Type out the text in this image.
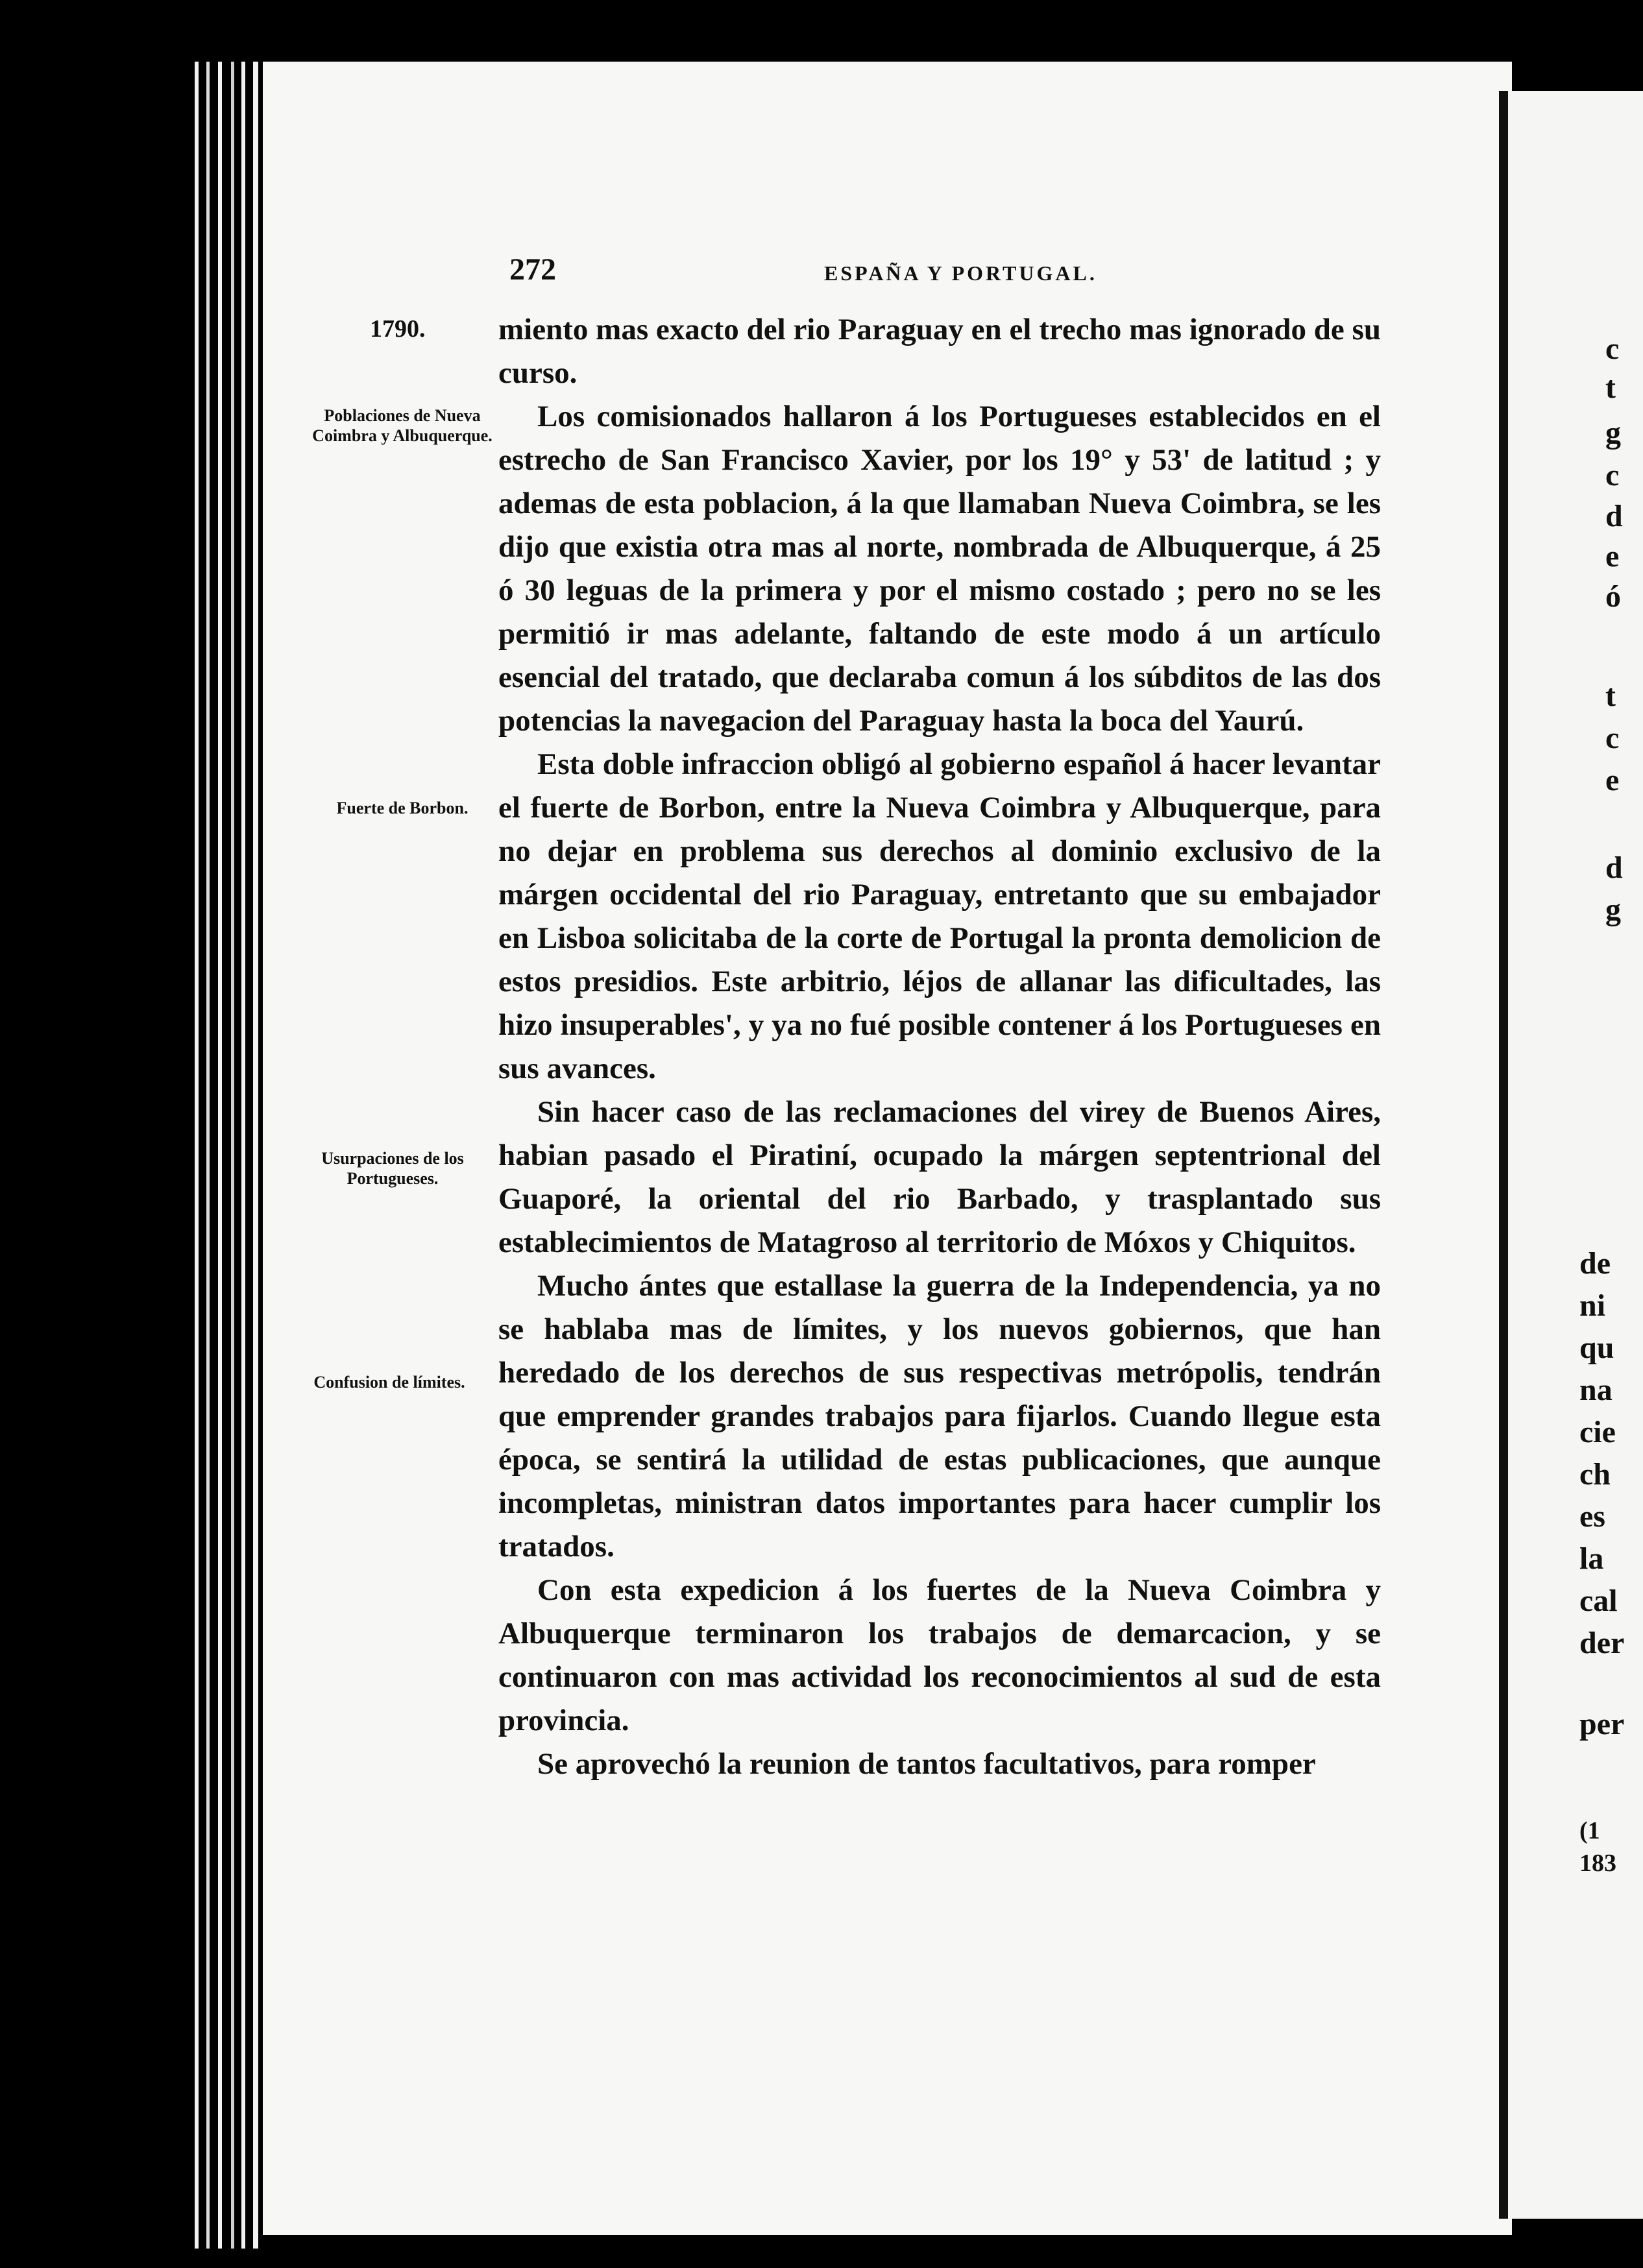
c
t
g
c
d
e
ó
t
c
e
d
g
de
ni
qu
na
cie
ch
es
la
cal
der
per
(1
183
272	ESPAÑA Y PORTUGAL.
1790.
Poblaciones de Nueva Coimbra y Albuquerque.
Fuerte de Borbon.
Usurpaciones de los Portugueses.
Confusion de límites.

miento mas exacto del rio Paraguay en el trecho mas ignorado de su curso.

Los comisionados hallaron á los Portugueses establecidos en el estrecho de San Francisco Xavier, por los 19° y 53' de latitud ; y ademas de esta poblacion, á la que llamaban Nueva Coimbra, se les dijo que existia otra mas al norte, nombrada de Albuquerque, á 25 ó 30 leguas de la primera y por el mismo costado ; pero no se les permitió ir mas adelante, faltando de este modo á un artículo esencial del tratado, que declaraba comun á los súbditos de las dos potencias la navegacion del Paraguay hasta la boca del Yaurú.

Esta doble infraccion obligó al gobierno español á hacer levantar el fuerte de Borbon, entre la Nueva Coimbra y Albuquerque, para no dejar en problema sus derechos al dominio exclusivo de la márgen occidental del rio Paraguay, entretanto que su embajador en Lisboa solicitaba de la corte de Portugal la pronta demolicion de estos presidios. Este arbitrio, léjos de allanar las dificultades, las hizo insuperables', y ya no fué posible contener á los Portugueses en sus avances.

Sin hacer caso de las reclamaciones del virey de Buenos Aires, habian pasado el Piratiní, ocupado la márgen septentrional del Guaporé, la oriental del rio Barbado, y trasplantado sus establecimientos de Matagroso al territorio de Móxos y Chiquitos.

Mucho ántes que estallase la guerra de la Independencia, ya no se hablaba mas de límites, y los nuevos gobiernos, que han heredado de los derechos de sus respectivas metrópolis, tendrán que emprender grandes trabajos para fijarlos. Cuando llegue esta época, se sentirá la utilidad de estas publicaciones, que aunque incompletas, ministran datos importantes para hacer cumplir los tratados.

Con esta expedicion á los fuertes de la Nueva Coimbra y Albuquerque terminaron los trabajos de demarcacion, y se continuaron con mas actividad los reconocimientos al sud de esta provincia.

Se aprovechó la reunion de tantos facultativos, para romper
